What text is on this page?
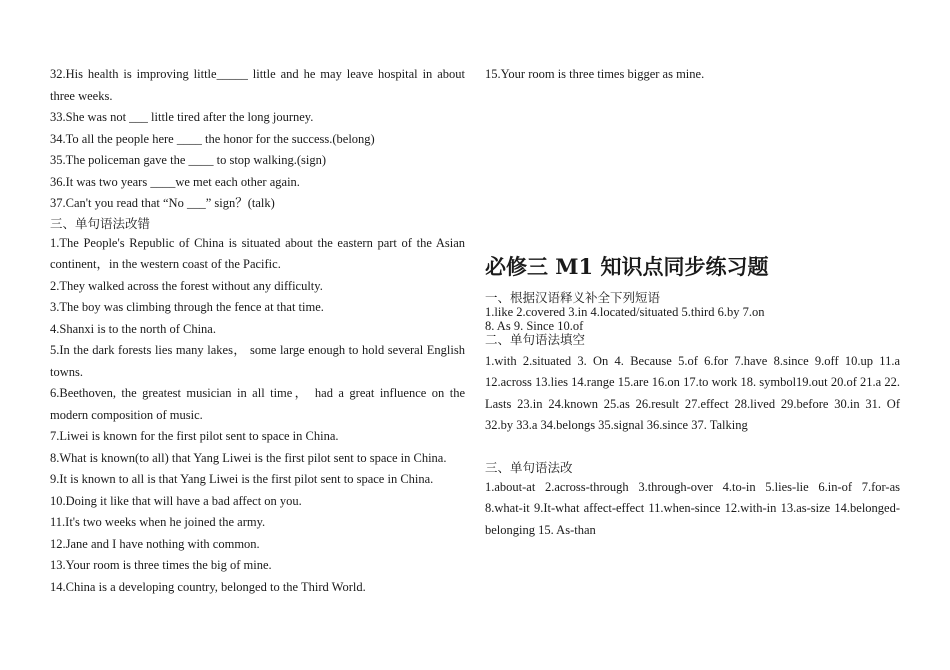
32.His health is improving little_____ little and he may leave hospital in about three weeks.
33.She was not ___ little tired after the long journey.
34.To all the people here ____ the honor for the success.(belong)
35.The policeman gave the ____ to stop walking.(sign)
36.It was two years ____we met each other again.
37.Can't you read that “No ___” sign？(talk)
三、单句语法改错
1.The People's Republic of China is situated about the eastern part of the Asian continent，in the western coast of the Pacific.
2.They walked across the forest without any difficulty.
3.The boy was climbing through the fence at that time.
4.Shanxi is to the north of China.
5.In the dark forests lies many lakes， some large enough to hold several English towns.
6.Beethoven, the greatest musician in all time， had a great influence on the modern composition of music.
7.Liwei is known for the first pilot sent to space in China.
8.What is known(to all) that Yang Liwei is the first pilot sent to space in China.
9.It is known to all is that Yang Liwei is the first pilot sent to space in China.
10.Doing it like that will have a bad affect on you.
11.It's two weeks when he joined the army.
12.Jane and I have nothing with common.
13.Your room is three times the big of mine.
14.China is a developing country, belonged to the Third World.
15.Your room is three times bigger as mine.
必修三 M1 知识点同步练习题
一、根据汉语释义补全下列短语
1.like 2.covered 3.in 4.located/situated 5.third 6.by 7.on
8. As 9. Since 10.of
二、单句语法填空
1.with 2.situated 3. On 4. Because 5.of 6.for 7.have 8.since 9.off 10.up 11.a 12.across 13.lies 14.range 15.are 16.on 17.to work 18. symbol19.out 20.of 21.a 22. Lasts 23.in 24.known 25.as 26.result 27.effect 28.lived 29.before 30.in 31. Of 32.by 33.a 34.belongs 35.signal 36.since 37. Talking
三、单句语法改
1.about-at 2.across-through 3.through-over 4.to-in 5.lies-lie 6.in-of 7.for-as 8.what-it 9.It-what affect-effect 11.when-since 12.with-in 13.as-size 14.belonged-belonging 15. As-than
